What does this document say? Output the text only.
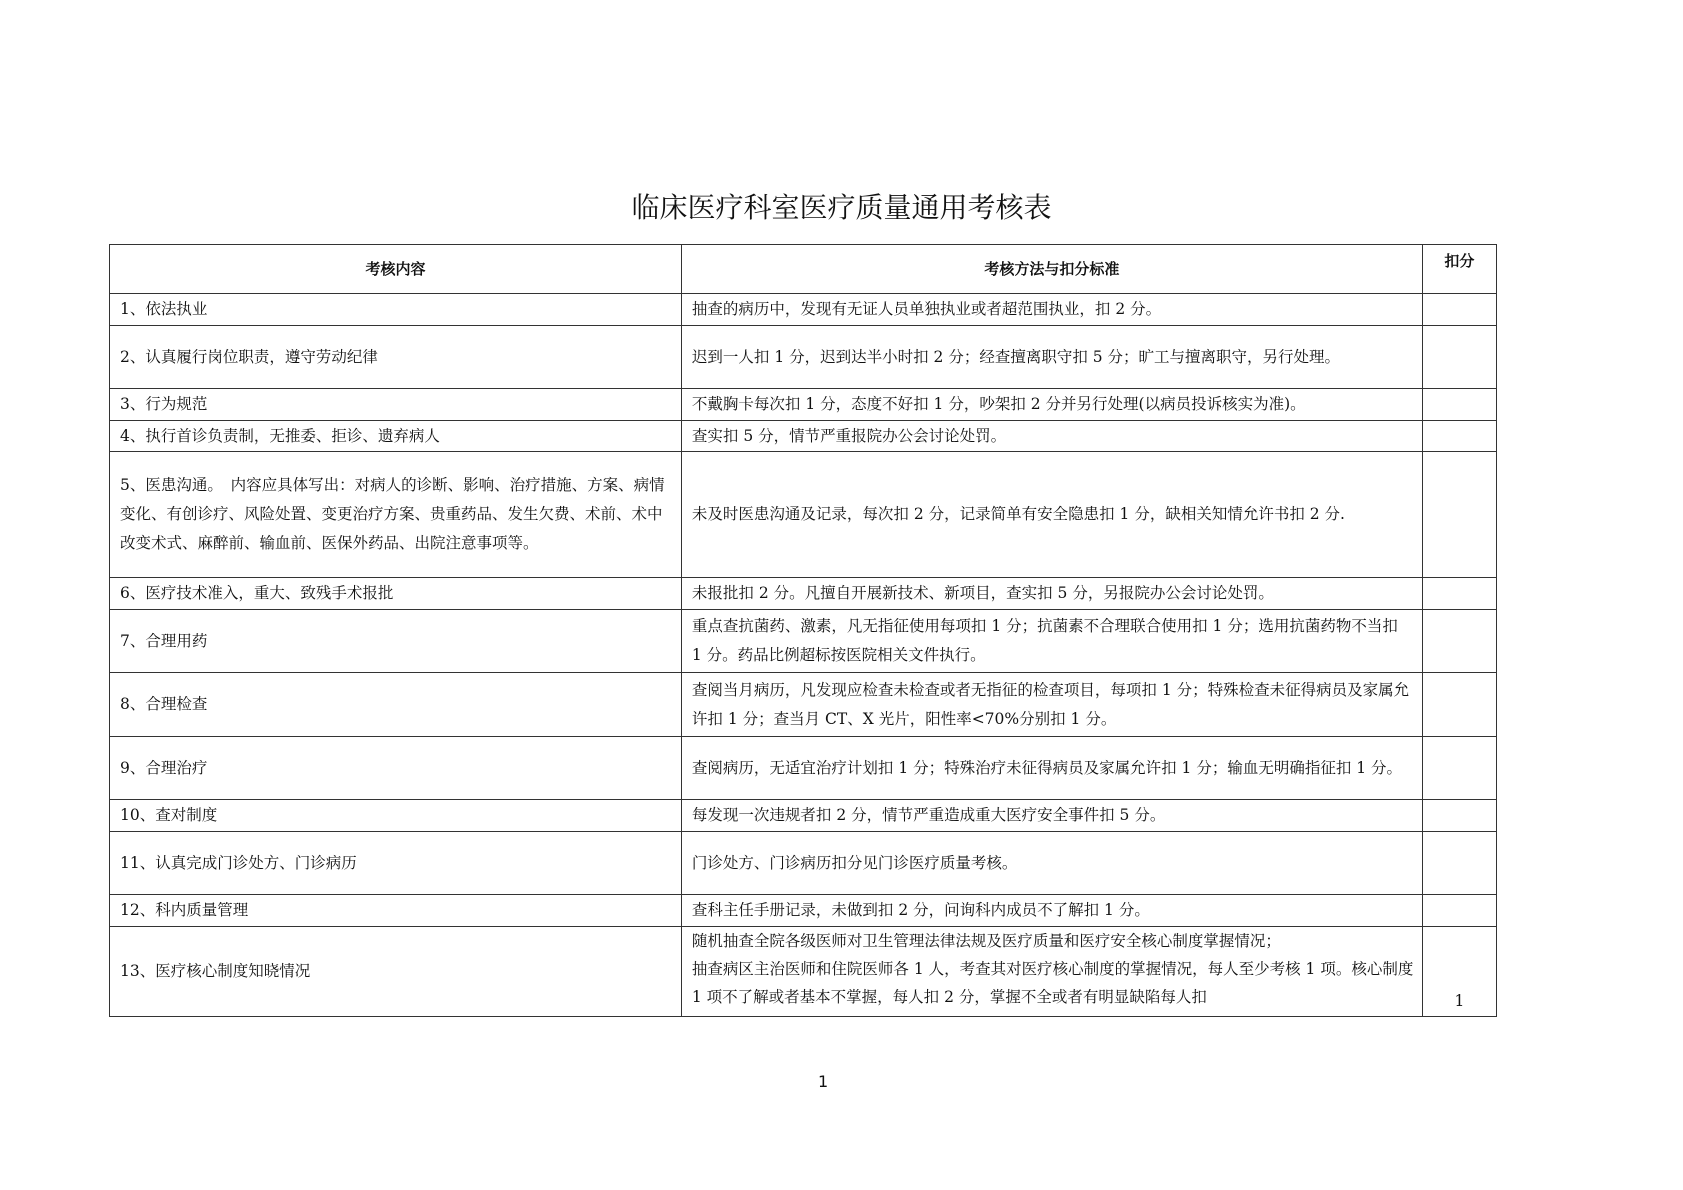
临床医疗科室医疗质量通用考核表
考核内容	考核方法与扣分标准	扣分
1、依法执业	抽查的病历中，发现有无证人员单独执业或者超范围执业，扣 2 分。	
2、认真履行岗位职责，遵守劳动纪律	迟到一人扣 1 分，迟到达半小时扣 2 分；经查擅离职守扣 5 分；旷工与擅离职守，另行处理。	
3、行为规范	不戴胸卡每次扣 1 分，态度不好扣 1 分，吵架扣 2 分并另行处理(以病员投诉核实为准)。	
4、执行首诊负责制，无推委、拒诊、遗弃病人	查实扣 5 分，情节严重报院办公会讨论处罚。	
5、医患沟通。　内容应具体写出：对病人的诊断、影响、治疗措施、方案、病情变化、有创诊疗、风险处置、变更治疗方案、贵重药品、发生欠费、术前、术中改变术式、麻醉前、输血前、医保外药品、出院注意事项等。	未及时医患沟通及记录，每次扣 2 分，记录简单有安全隐患扣 1 分，缺相关知情允许书扣 2 分.	
6、医疗技术准入，重大、致残手术报批	未报批扣 2 分。凡擅自开展新技术、新项目，查实扣 5 分，另报院办公会讨论处罚。	
7、合理用药	重点查抗菌药、激素，凡无指征使用每项扣 1 分；抗菌素不合理联合使用扣 1 分；选用抗菌药物不当扣 1 分。药品比例超标按医院相关文件执行。	
8、合理检查	查阅当月病历，凡发现应检查未检查或者无指征的检查项目，每项扣 1 分；特殊检查未征得病员及家属允许扣 1 分；查当月 CT、X 光片，阳性率<70%分别扣 1 分。	
9、合理治疗	查阅病历，无适宜治疗计划扣 1 分；特殊治疗未征得病员及家属允许扣 1 分；输血无明确指征扣 1 分。	
10、查对制度	每发现一次违规者扣 2 分，情节严重造成重大医疗安全事件扣 5 分。	
11、认真完成门诊处方、门诊病历	门诊处方、门诊病历扣分见门诊医疗质量考核。	
12、科内质量管理	查科主任手册记录，未做到扣 2 分，问询科内成员不了解扣 1 分。	
13、医疗核心制度知晓情况	随机抽查全院各级医师对卫生管理法律法规及医疗质量和医疗安全核心制度掌握情况；
抽查病区主治医师和住院医师各 1 人，考查其对医疗核心制度的掌握情况，每人至少考核 1 项。核心制度 1 项不了解或者基本不掌握，每人扣 2 分，掌握不全或者有明显缺陷每人扣	1
1
